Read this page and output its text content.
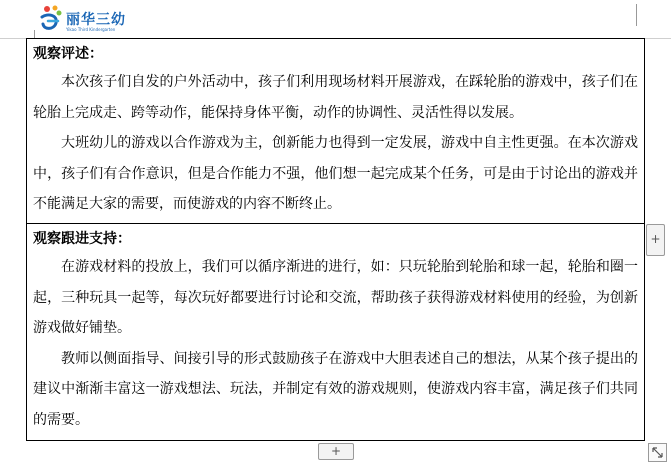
丽华三幼
Yikao Third Kindergarten
观察评述：

本次孩子们自发的户外活动中，孩子们利用现场材料开展游戏，在踩轮胎的游戏中，孩子们在轮胎上完成走、跨等动作，能保持身体平衡，动作的协调性、灵活性得以发展。

大班幼儿的游戏以合作游戏为主，创新能力也得到一定发展，游戏中自主性更强。在本次游戏中，孩子们有合作意识，但是合作能力不强，他们想一起完成某个任务，可是由于讨论出的游戏并不能满足大家的需要，而使游戏的内容不断终止。

观察跟进支持：

在游戏材料的投放上，我们可以循序渐进的进行，如：只玩轮胎到轮胎和球一起，轮胎和圈一起，三种玩具一起等，每次玩好都要进行讨论和交流，帮助孩子获得游戏材料使用的经验，为创新游戏做好铺垫。

教师以侧面指导、间接引导的形式鼓励孩子在游戏中大胆表述自己的想法，从某个孩子提出的建议中渐渐丰富这一游戏想法、玩法，并制定有效的游戏规则，使游戏内容丰富，满足孩子们共同的需要。

+
+
